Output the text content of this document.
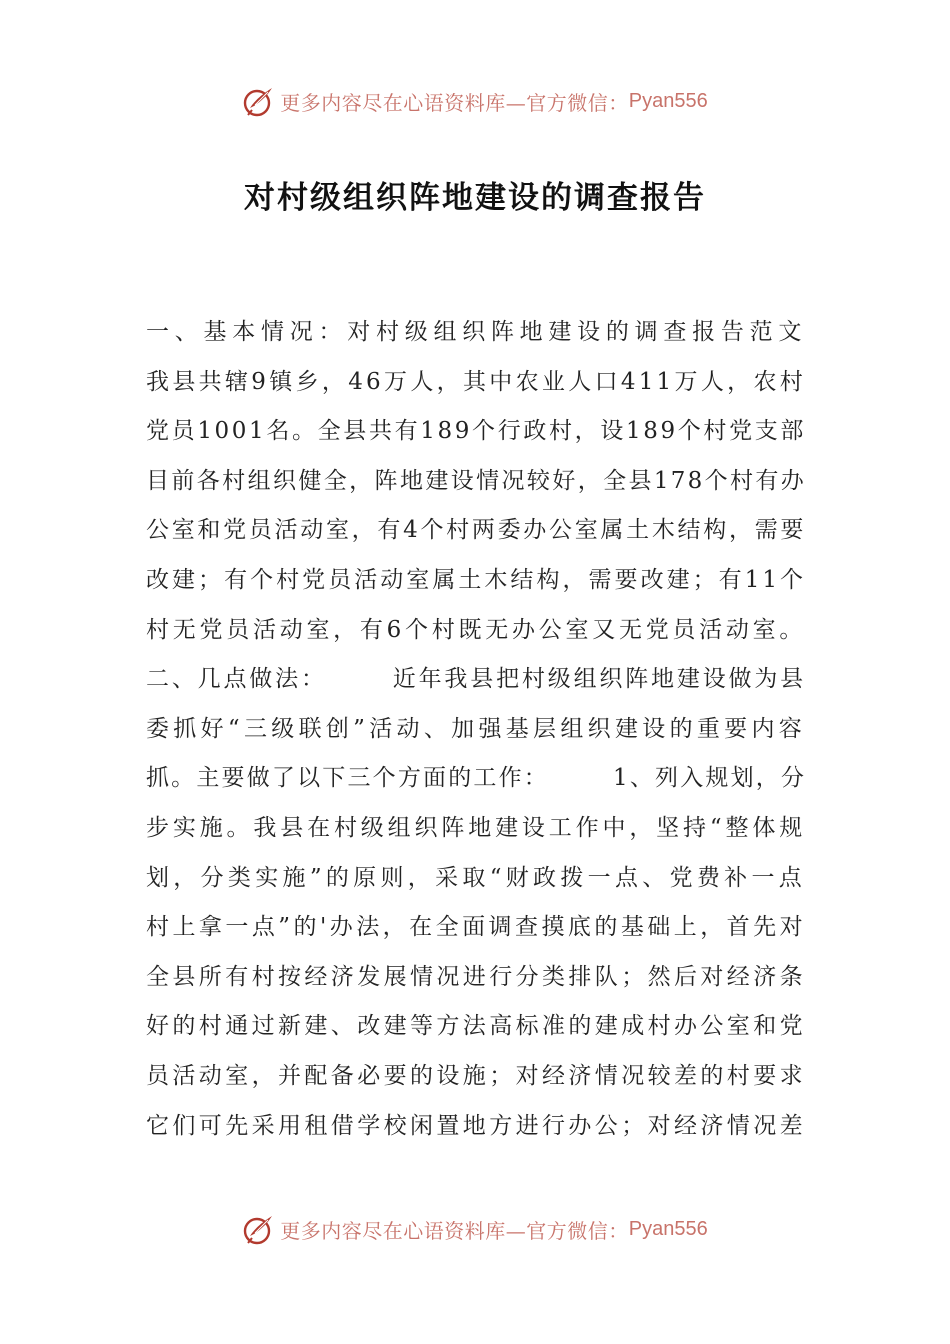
更多内容尽在心语资料库—官方微信： Pyan556
对村级组织阵地建设的调查报告
一、基本情况：对村级组织阵地建设的调查报告范文
我县共辖9镇乡，46万人，其中农业人口411万人，农村
党员1001名。全县共有189个行政村，设189个村党支部
目前各村组织健全，阵地建设情况较好，全县178个村有办
公室和党员活动室，有4个村两委办公室属土木结构，需要
改建；有个村党员活动室属土木结构，需要改建；有11个
村无党员活动室，有6个村既无办公室又无党员活动室。
二、几点做法：　　　近年我县把村级组织阵地建设做为县
委抓好“三级联创”活动、加强基层组织建设的重要内容
抓。主要做了以下三个方面的工作：　　　1、列入规划，分
步实施。我县在村级组织阵地建设工作中，坚持“整体规
划，分类实施”的原则，采取“财政拨一点、党费补一点
村上拿一点”的'办法，在全面调查摸底的基础上，首先对
全县所有村按经济发展情况进行分类排队；然后对经济条
好的村通过新建、改建等方法高标准的建成村办公室和党
员活动室，并配备必要的设施；对经济情况较差的村要求
它们可先采用租借学校闲置地方进行办公；对经济情况差
更多内容尽在心语资料库—官方微信： Pyan556
